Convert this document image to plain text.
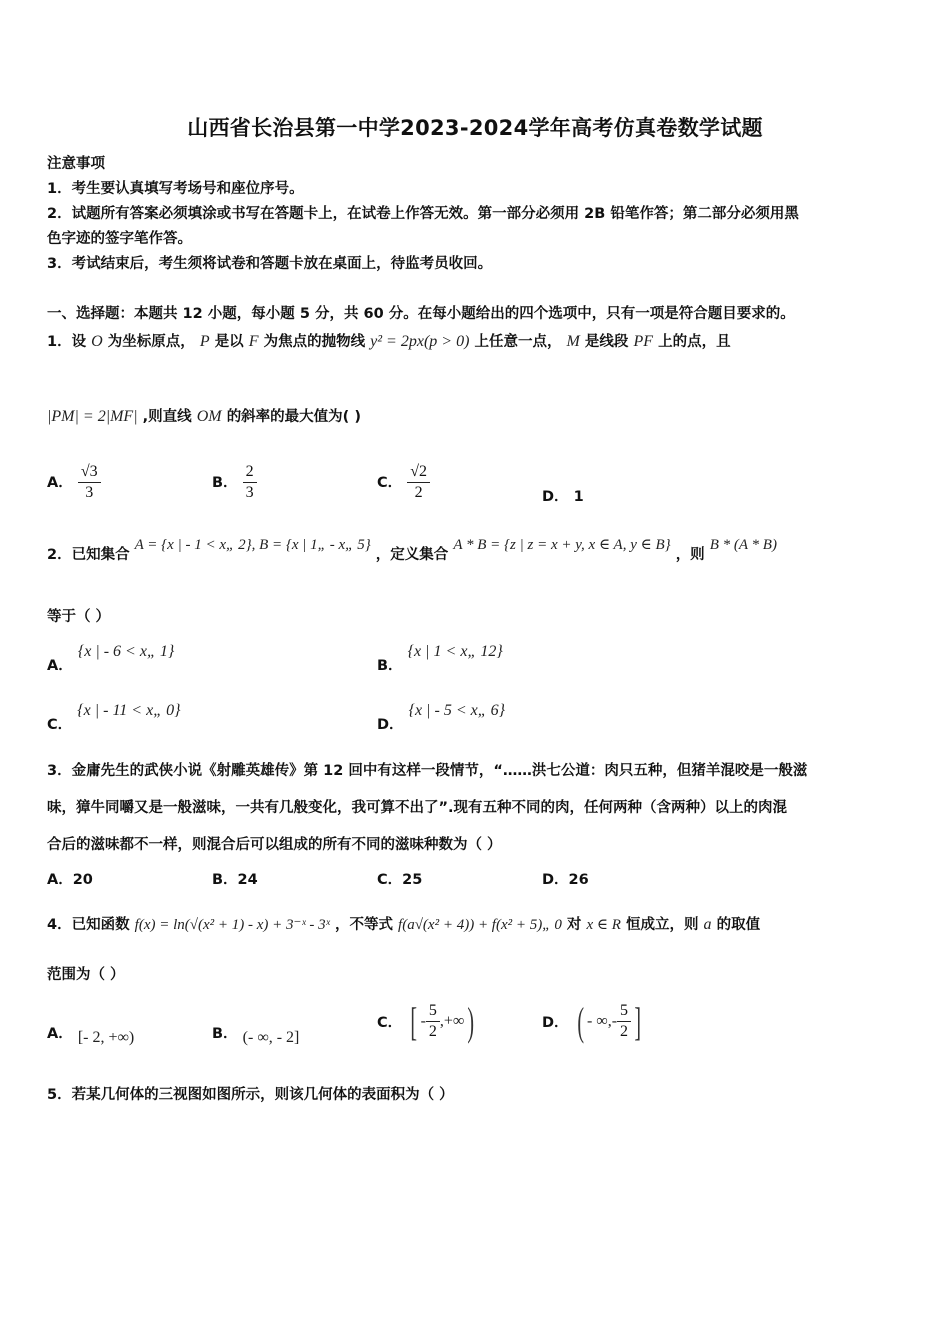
山西省长治县第一中学2023-2024学年高考仿真卷数学试题
注意事项
1．考生要认真填写考场号和座位序号。
2．试题所有答案必须填涂或书写在答题卡上，在试卷上作答无效。第一部分必须用 2B 铅笔作答；第二部分必须用黑
色字迹的签字笔作答。
3．考试结束后，考生须将试卷和答题卡放在桌面上，待监考员收回。
一、选择题：本题共 12 小题，每小题 5 分，共 60 分。在每小题给出的四个选项中，只有一项是符合题目要求的。
1．设 O 为坐标原点， P 是以 F 为焦点的抛物线 y² = 2px(p > 0) 上任意一点， M 是线段 PF 上的点，且
|PM| = 2|MF| ,则直线 OM 的斜率的最大值为( )
A． $\frac{√3}{3}$	B． $\frac{2}{3}$	C． $\frac{√2}{2}$	D． 1
2．已知集合 A = {x | - 1 < x„ 2}, B = {x | 1„ - x„ 5} ，定义集合 A * B = {z | z = x + y, x ∈ A, y ∈ B} ，则 B * (A * B)
等于（ ）
A． {x | - 6 < x„ 1}
B． {x | 1 < x„ 12}
C． {x | - 11 < x„ 0}
D． {x | - 5 < x„ 6}
3．金庸先生的武侠小说《射雕英雄传》第 12 回中有这样一段情节，“……洪七公道：肉只五种，但猪羊混咬是一般滋
味，獐牛同嚼又是一般滋味，一共有几般变化，我可算不出了”.现有五种不同的肉，任何两种（含两种）以上的肉混
合后的滋味都不一样，则混合后可以组成的所有不同的滋味种数为（ ）
A．20	B．24	C．25	D．26
4．已知函数 f(x) = ln(√(x² + 1) - x) + 3⁻ˣ - 3ˣ ，不等式 f(a√(x² + 4)) + f(x² + 5)„ 0 对 x ∈ R 恒成立，则 a 的取值
范围为（ ）
A． [- 2, +∞)	B． (- ∞, - 2]
C． [ - $\frac{5}{2}$ ,+∞)	D． ( - ∞,- $\frac{5}{2}$ ]
5．若某几何体的三视图如图所示，则该几何体的表面积为（ ）
